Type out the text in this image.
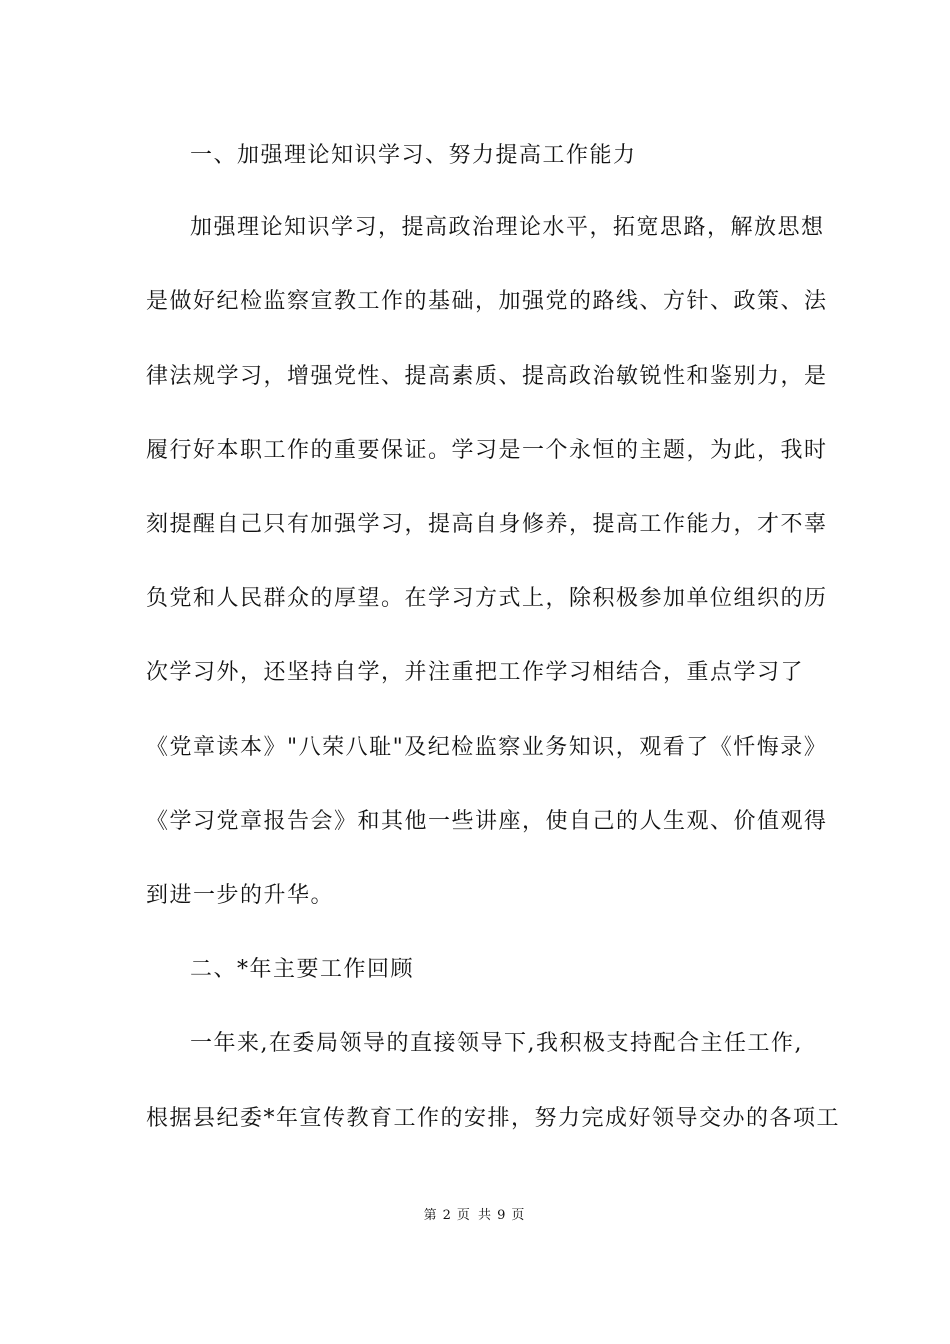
一、加强理论知识学习、努力提高工作能力
加强理论知识学习，提高政治理论水平，拓宽思路，解放思想
是做好纪检监察宣教工作的基础，加强党的路线、方针、政策、法
律法规学习，增强党性、提高素质、提高政治敏锐性和鉴别力，是
履行好本职工作的重要保证。学习是一个永恒的主题，为此，我时
刻提醒自己只有加强学习，提高自身修养，提高工作能力，才不辜
负党和人民群众的厚望。在学习方式上，除积极参加单位组织的历
次学习外，还坚持自学，并注重把工作学习相结合，重点学习了
《党章读本》"八荣八耻"及纪检监察业务知识，观看了《忏悔录》
《学习党章报告会》和其他一些讲座，使自己的人生观、价值观得
到进一步的升华。
二、*年主要工作回顾
一年来,在委局领导的直接领导下,我积极支持配合主任工作,
根据县纪委*年宣传教育工作的安排，努力完成好领导交办的各项工
第 2 页 共 9 页
